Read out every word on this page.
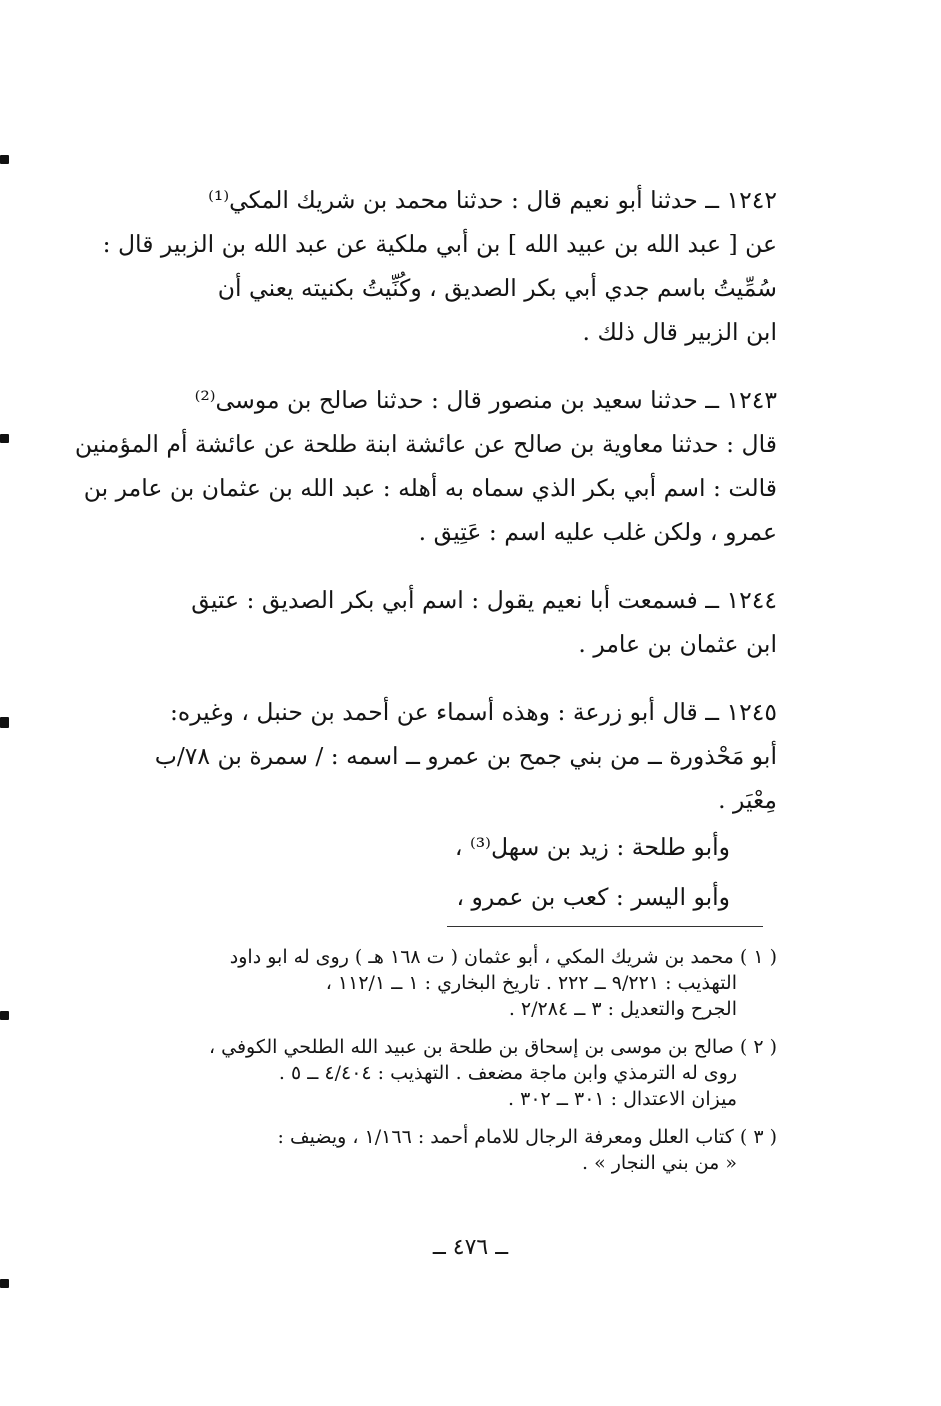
١٢٤٢ ــ حدثنا أبو نعيم قال : حدثنا محمد بن شريك المكي⁽¹⁾
عن [ عبد الله بن عبيد الله ] بن أبي ملكية عن عبد الله بن الزبير قال :
سُمِّيتُ باسم جدي أبي بكر الصديق ، وكُنِّيتُ بكنيته يعني أن
ابن الزبير قال ذلك .
١٢٤٣ ــ حدثنا سعيد بن منصور قال : حدثنا صالح بن موسى⁽²⁾
قال : حدثنا معاوية بن صالح عن عائشة ابنة طلحة عن عائشة أم المؤمنين
قالت : اسم أبي بكر الذي سماه به أهله : عبد الله بن عثمان بن عامر بن
عمرو ، ولكن غلب عليه اسم : عَتِيق .
١٢٤٤ ــ فسمعت أبا نعيم يقول : اسم أبي بكر الصديق : عتيق
ابن عثمان بن عامر .
١٢٤٥ ــ قال أبو زرعة : وهذه أسماء عن أحمد بن حنبل ، وغيره:
أبو مَحْذورة ــ من بني جمح بن عمرو ــ اسمه : / سمرة بن ٧٨/ب
مِعْيَر .
وأبو طلحة : زيد بن سهل⁽³⁾ ،
وأبو اليسر : كعب بن عمرو ،
( ١ ) محمد بن شريك المكي ، أبو عثمان ( ت ١٦٨ هـ ) روى له ابو داود
التهذيب : ٩/٢٢١ ــ ٢٢٢ . تاريخ البخاري : ١ ــ ١١٢/١ ،
الجرح والتعديل : ٣ ــ ٢/٢٨٤ .
( ٢ ) صالح بن موسى بن إسحاق بن طلحة بن عبيد الله الطلحي الكوفي ،
روى له الترمذي وابن ماجة مضعف . التهذيب : ٤/٤٠٤ ــ ٥ .
ميزان الاعتدال : ٣٠١ ــ ٣٠٢ .
( ٣ ) كتاب العلل ومعرفة الرجال للامام أحمد : ١/١٦٦ ، ويضيف :
« من بني النجار » .
ــ ٤٧٦ ــ
